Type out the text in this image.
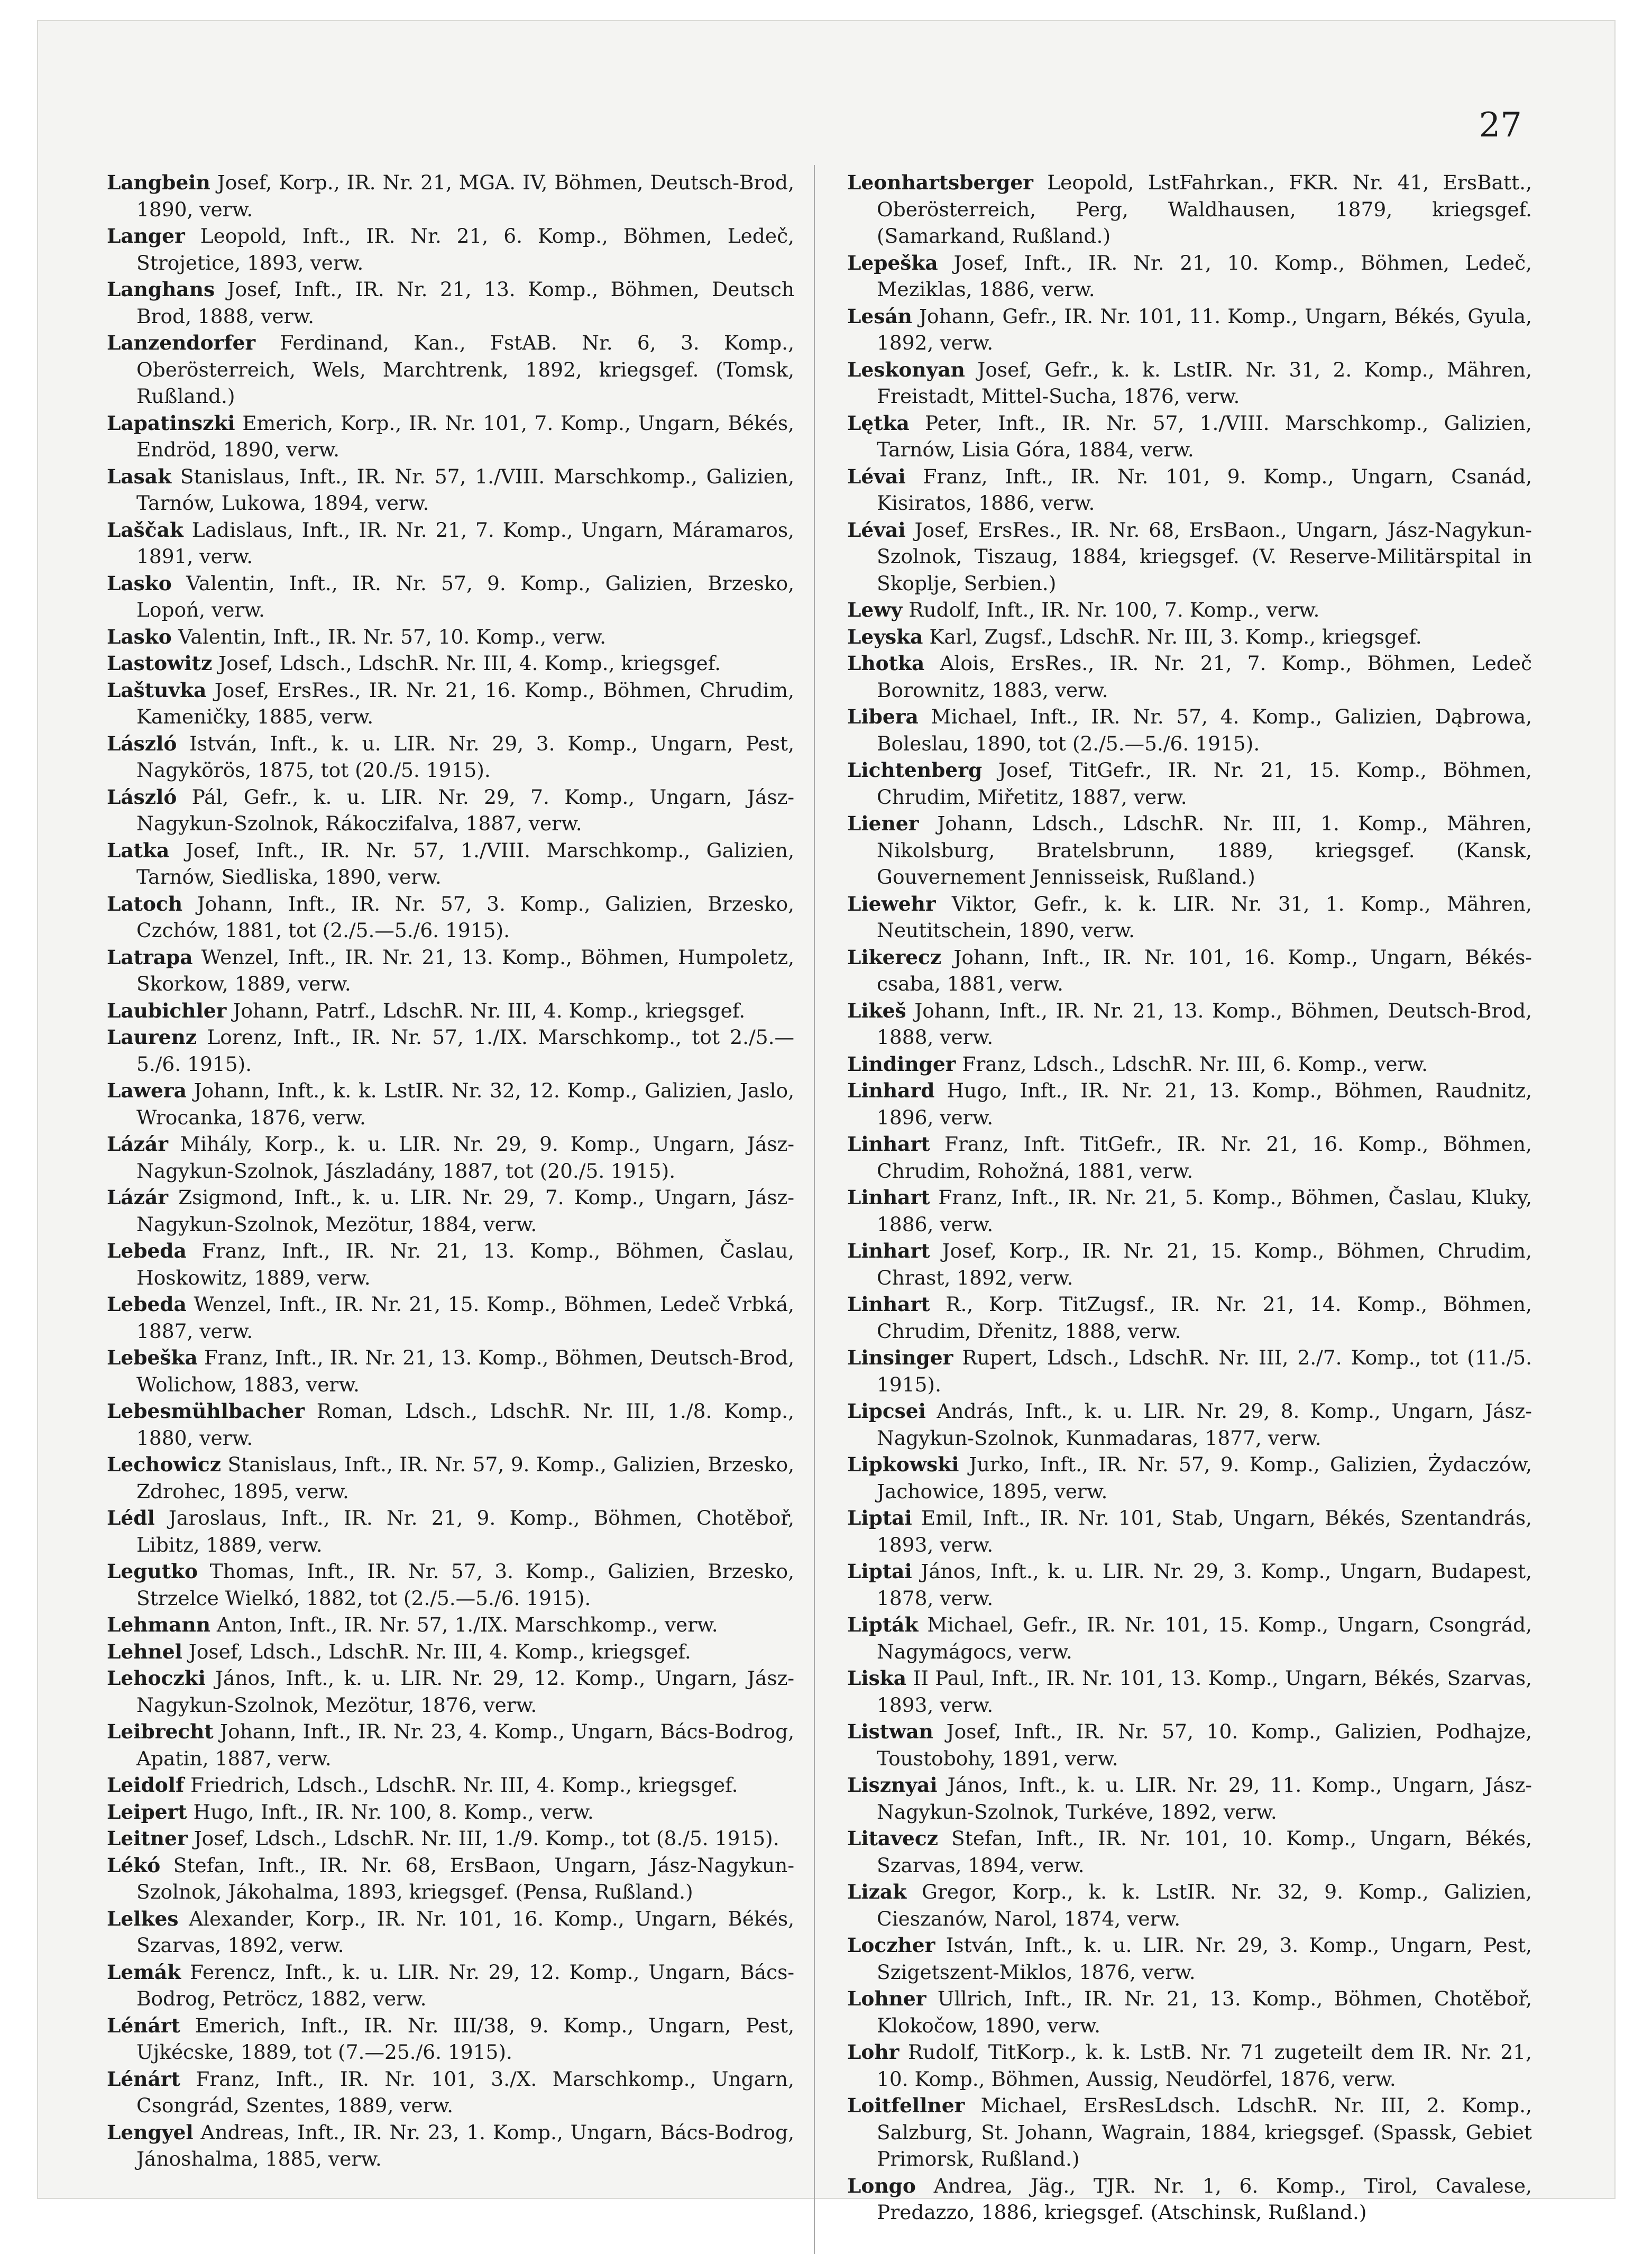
27

Langbein Josef, Korp., IR. Nr. 21, MGA. IV, Böhmen, Deutsch-Brod, 1890, verw.

Langer Leopold, Inft., IR. Nr. 21, 6. Komp., Böhmen, Ledeč, Strojetice, 1893, verw.

Langhans Josef, Inft., IR. Nr. 21, 13. Komp., Böhmen, Deutsch Brod, 1888, verw.

Lanzendorfer Ferdinand, Kan., FstAB. Nr. 6, 3. Komp., Oberösterreich, Wels, Marchtrenk, 1892, kriegsgef. (Tomsk, Rußland.)

Lapatinszki Emerich, Korp., IR. Nr. 101, 7. Komp., Ungarn, Békés, Endröd, 1890, verw.

Lasak Stanislaus, Inft., IR. Nr. 57, 1./VIII. Marschkomp., Galizien, Tarnów, Lukowa, 1894, verw.

Laščak Ladislaus, Inft., IR. Nr. 21, 7. Komp., Ungarn, Máramaros, 1891, verw.

Lasko Valentin, Inft., IR. Nr. 57, 9. Komp., Galizien, Brzesko, Lopoń, verw.

Lasko Valentin, Inft., IR. Nr. 57, 10. Komp., verw.

Lastowitz Josef, Ldsch., LdschR. Nr. III, 4. Komp., kriegsgef.

Laštuvka Josef, ErsRes., IR. Nr. 21, 16. Komp., Böhmen, Chrudim, Kameničky, 1885, verw.

László István, Inft., k. u. LIR. Nr. 29, 3. Komp., Ungarn, Pest, Nagykörös, 1875, tot (20./5. 1915).

László Pál, Gefr., k. u. LIR. Nr. 29, 7. Komp., Ungarn, Jász-Nagykun-Szolnok, Rákoczifalva, 1887, verw.

Latka Josef, Inft., IR. Nr. 57, 1./VIII. Marschkomp., Galizien, Tarnów, Siedliska, 1890, verw.

Latoch Johann, Inft., IR. Nr. 57, 3. Komp., Galizien, Brzesko, Czchów, 1881, tot (2./5.—5./6. 1915).

Latrapa Wenzel, Inft., IR. Nr. 21, 13. Komp., Böhmen, Humpoletz, Skorkow, 1889, verw.

Laubichler Johann, Patrf., LdschR. Nr. III, 4. Komp., kriegsgef.

Laurenz Lorenz, Inft., IR. Nr. 57, 1./IX. Marschkomp., tot 2./5.—5./6. 1915).

Lawera Johann, Inft., k. k. LstIR. Nr. 32, 12. Komp., Galizien, Jaslo, Wrocanka, 1876, verw.

Lázár Mihály, Korp., k. u. LIR. Nr. 29, 9. Komp., Ungarn, Jász-Nagykun-Szolnok, Jászladány, 1887, tot (20./5. 1915).

Lázár Zsigmond, Inft., k. u. LIR. Nr. 29, 7. Komp., Ungarn, Jász-Nagykun-Szolnok, Mezötur, 1884, verw.

Lebeda Franz, Inft., IR. Nr. 21, 13. Komp., Böhmen, Časlau, Hoskowitz, 1889, verw.

Lebeda Wenzel, Inft., IR. Nr. 21, 15. Komp., Böhmen, Ledeč Vrbká, 1887, verw.

Lebeška Franz, Inft., IR. Nr. 21, 13. Komp., Böhmen, Deutsch-Brod, Wolichow, 1883, verw.

Lebesmühlbacher Roman, Ldsch., LdschR. Nr. III, 1./8. Komp., 1880, verw.

Lechowicz Stanislaus, Inft., IR. Nr. 57, 9. Komp., Galizien, Brzesko, Zdrohec, 1895, verw.

Lédl Jaroslaus, Inft., IR. Nr. 21, 9. Komp., Böhmen, Chotěboř, Libitz, 1889, verw.

Legutko Thomas, Inft., IR. Nr. 57, 3. Komp., Galizien, Brzesko, Strzelce Wielkó, 1882, tot (2./5.—5./6. 1915).

Lehmann Anton, Inft., IR. Nr. 57, 1./IX. Marschkomp., verw.

Lehnel Josef, Ldsch., LdschR. Nr. III, 4. Komp., kriegsgef.

Lehoczki János, Inft., k. u. LIR. Nr. 29, 12. Komp., Ungarn, Jász-Nagykun-Szolnok, Mezötur, 1876, verw.

Leibrecht Johann, Inft., IR. Nr. 23, 4. Komp., Ungarn, Bács-Bodrog, Apatin, 1887, verw.

Leidolf Friedrich, Ldsch., LdschR. Nr. III, 4. Komp., kriegsgef.

Leipert Hugo, Inft., IR. Nr. 100, 8. Komp., verw.

Leitner Josef, Ldsch., LdschR. Nr. III, 1./9. Komp., tot (8./5. 1915).

Lékó Stefan, Inft., IR. Nr. 68, ErsBaon, Ungarn, Jász-Nagykun-Szolnok, Jákohalma, 1893, kriegsgef. (Pensa, Rußland.)

Lelkes Alexander, Korp., IR. Nr. 101, 16. Komp., Ungarn, Békés, Szarvas, 1892, verw.

Lemák Ferencz, Inft., k. u. LIR. Nr. 29, 12. Komp., Ungarn, Bács-Bodrog, Petröcz, 1882, verw.

Lénárt Emerich, Inft., IR. Nr. III/38, 9. Komp., Ungarn, Pest, Ujkécske, 1889, tot (7.—25./6. 1915).

Lénárt Franz, Inft., IR. Nr. 101, 3./X. Marschkomp., Ungarn, Csongrád, Szentes, 1889, verw.

Lengyel Andreas, Inft., IR. Nr. 23, 1. Komp., Ungarn, Bács-Bodrog, Jánoshalma, 1885, verw.

Leonhartsberger Leopold, LstFahrkan., FKR. Nr. 41, ErsBatt., Oberösterreich, Perg, Waldhausen, 1879, kriegsgef. (Samarkand, Rußland.)

Lepeška Josef, Inft., IR. Nr. 21, 10. Komp., Böhmen, Ledeč, Meziklas, 1886, verw.

Lesán Johann, Gefr., IR. Nr. 101, 11. Komp., Ungarn, Békés, Gyula, 1892, verw.

Leskonyan Josef, Gefr., k. k. LstIR. Nr. 31, 2. Komp., Mähren, Freistadt, Mittel-Sucha, 1876, verw.

Lętka Peter, Inft., IR. Nr. 57, 1./VIII. Marschkomp., Galizien, Tarnów, Lisia Góra, 1884, verw.

Lévai Franz, Inft., IR. Nr. 101, 9. Komp., Ungarn, Csanád, Kisiratos, 1886, verw.

Lévai Josef, ErsRes., IR. Nr. 68, ErsBaon., Ungarn, Jász-Nagykun-Szolnok, Tiszaug, 1884, kriegsgef. (V. Reserve-Militärspital in Skoplje, Serbien.)

Lewy Rudolf, Inft., IR. Nr. 100, 7. Komp., verw.

Leyska Karl, Zugsf., LdschR. Nr. III, 3. Komp., kriegsgef.

Lhotka Alois, ErsRes., IR. Nr. 21, 7. Komp., Böhmen, Ledeč Borownitz, 1883, verw.

Libera Michael, Inft., IR. Nr. 57, 4. Komp., Galizien, Dąbrowa, Boleslau, 1890, tot (2./5.—5./6. 1915).

Lichtenberg Josef, TitGefr., IR. Nr. 21, 15. Komp., Böhmen, Chrudim, Miřetitz, 1887, verw.

Liener Johann, Ldsch., LdschR. Nr. III, 1. Komp., Mähren, Nikolsburg, Bratelsbrunn, 1889, kriegsgef. (Kansk, Gouvernement Jennisseisk, Rußland.)

Liewehr Viktor, Gefr., k. k. LIR. Nr. 31, 1. Komp., Mähren, Neutitschein, 1890, verw.

Likerecz Johann, Inft., IR. Nr. 101, 16. Komp., Ungarn, Békés-csaba, 1881, verw.

Likeš Johann, Inft., IR. Nr. 21, 13. Komp., Böhmen, Deutsch-Brod, 1888, verw.

Lindinger Franz, Ldsch., LdschR. Nr. III, 6. Komp., verw.

Linhard Hugo, Inft., IR. Nr. 21, 13. Komp., Böhmen, Raudnitz, 1896, verw.

Linhart Franz, Inft. TitGefr., IR. Nr. 21, 16. Komp., Böhmen, Chrudim, Rohožná, 1881, verw.

Linhart Franz, Inft., IR. Nr. 21, 5. Komp., Böhmen, Časlau, Kluky, 1886, verw.

Linhart Josef, Korp., IR. Nr. 21, 15. Komp., Böhmen, Chrudim, Chrast, 1892, verw.

Linhart R., Korp. TitZugsf., IR. Nr. 21, 14. Komp., Böhmen, Chrudim, Dřenitz, 1888, verw.

Linsinger Rupert, Ldsch., LdschR. Nr. III, 2./7. Komp., tot (11./5. 1915).

Lipcsei András, Inft., k. u. LIR. Nr. 29, 8. Komp., Ungarn, Jász-Nagykun-Szolnok, Kunmadaras, 1877, verw.

Lipkowski Jurko, Inft., IR. Nr. 57, 9. Komp., Galizien, Żydaczów, Jachowice, 1895, verw.

Liptai Emil, Inft., IR. Nr. 101, Stab, Ungarn, Békés, Szentandrás, 1893, verw.

Liptai János, Inft., k. u. LIR. Nr. 29, 3. Komp., Ungarn, Budapest, 1878, verw.

Lipták Michael, Gefr., IR. Nr. 101, 15. Komp., Ungarn, Csongrád, Nagymágocs, verw.

Liska II Paul, Inft., IR. Nr. 101, 13. Komp., Ungarn, Békés, Szarvas, 1893, verw.

Listwan Josef, Inft., IR. Nr. 57, 10. Komp., Galizien, Podhajze, Toustobohy, 1891, verw.

Lisznyai János, Inft., k. u. LIR. Nr. 29, 11. Komp., Ungarn, Jász-Nagykun-Szolnok, Turkéve, 1892, verw.

Litavecz Stefan, Inft., IR. Nr. 101, 10. Komp., Ungarn, Békés, Szarvas, 1894, verw.

Lizak Gregor, Korp., k. k. LstIR. Nr. 32, 9. Komp., Galizien, Cieszanów, Narol, 1874, verw.

Loczher István, Inft., k. u. LIR. Nr. 29, 3. Komp., Ungarn, Pest, Szigetszent-Miklos, 1876, verw.

Lohner Ullrich, Inft., IR. Nr. 21, 13. Komp., Böhmen, Chotěboř, Klokočow, 1890, verw.

Lohr Rudolf, TitKorp., k. k. LstB. Nr. 71 zugeteilt dem IR. Nr. 21, 10. Komp., Böhmen, Aussig, Neudörfel, 1876, verw.

Loitfellner Michael, ErsResLdsch. LdschR. Nr. III, 2. Komp., Salzburg, St. Johann, Wagrain, 1884, kriegsgef. (Spassk, Gebiet Primorsk, Rußland.)

Longo Andrea, Jäg., TJR. Nr. 1, 6. Komp., Tirol, Cavalese, Predazzo, 1886, kriegsgef. (Atschinsk, Rußland.)
